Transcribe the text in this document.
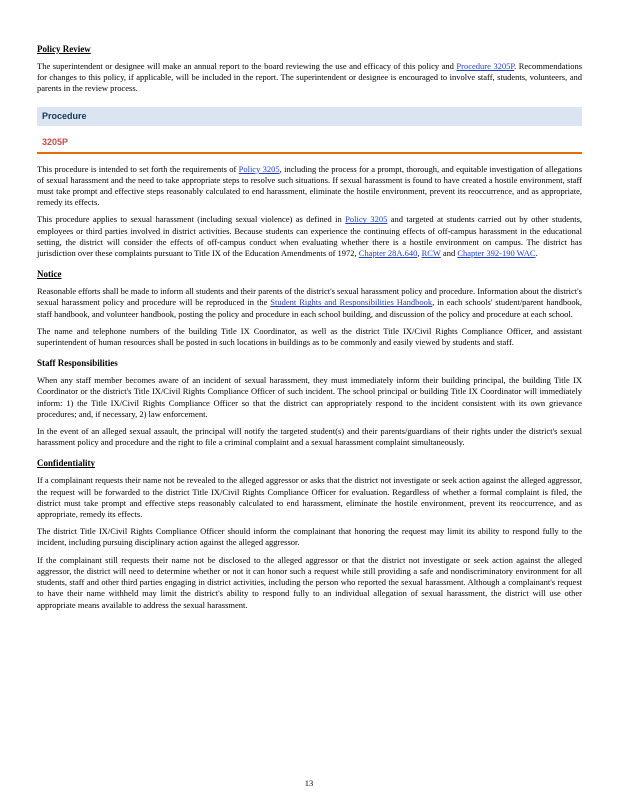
Policy Review

The superintendent or designee will make an annual report to the board reviewing the use and efficacy of this policy and Procedure 3205P. Recommendations for changes to this policy, if applicable, will be included in the report. The superintendent or designee is encouraged to involve staff, students, volunteers, and parents in the review process.

Procedure
3205P

This procedure is intended to set forth the requirements of Policy 3205, including the process for a prompt, thorough, and equitable investigation of allegations of sexual harassment and the need to take appropriate steps to resolve such situations. If sexual harassment is found to have created a hostile environment, staff must take prompt and effective steps reasonably calculated to end harassment, eliminate the hostile environment, prevent its reoccurrence, and as appropriate, remedy its effects.

This procedure applies to sexual harassment (including sexual violence) as defined in Policy 3205 and targeted at students carried out by other students, employees or third parties involved in district activities. Because students can experience the continuing effects of off-campus harassment in the educational setting, the district will consider the effects of off-campus conduct when evaluating whether there is a hostile environment on campus. The district has jurisdiction over these complaints pursuant to Title IX of the Education Amendments of 1972, Chapter 28A.640, RCW and Chapter 392-190 WAC.

Notice

Reasonable efforts shall be made to inform all students and their parents of the district's sexual harassment policy and procedure. Information about the district's sexual harassment policy and procedure will be reproduced in the Student Rights and Responsibilities Handbook, in each schools' student/parent handbook, staff handbook, and volunteer handbook, posting the policy and procedure in each school building, and discussion of the policy and procedure at each school.

The name and telephone numbers of the building Title IX Coordinator, as well as the district Title IX/Civil Rights Compliance Officer, and assistant superintendent of human resources shall be posted in such locations in buildings as to be commonly and easily viewed by students and staff.

Staff Responsibilities

When any staff member becomes aware of an incident of sexual harassment, they must immediately inform their building principal, the building Title IX Coordinator or the district's Title IX/Civil Rights Compliance Officer of such incident. The school principal or building Title IX Coordinator will immediately inform: 1) the Title IX/Civil Rights Compliance Officer so that the district can appropriately respond to the incident consistent with its own grievance procedures; and, if necessary, 2) law enforcement.

In the event of an alleged sexual assault, the principal will notify the targeted student(s) and their parents/guardians of their rights under the district's sexual harassment policy and procedure and the right to file a criminal complaint and a sexual harassment complaint simultaneously.

Confidentiality

If a complainant requests their name not be revealed to the alleged aggressor or asks that the district not investigate or seek action against the alleged aggressor, the request will be forwarded to the district Title IX/Civil Rights Compliance Officer for evaluation. Regardless of whether a formal complaint is filed, the district must take prompt and effective steps reasonably calculated to end harassment, eliminate the hostile environment, prevent its reoccurrence, and as appropriate, remedy its effects.

The district Title IX/Civil Rights Compliance Officer should inform the complainant that honoring the request may limit its ability to respond fully to the incident, including pursuing disciplinary action against the alleged aggressor.

If the complainant still requests their name not be disclosed to the alleged aggressor or that the district not investigate or seek action against the alleged aggressor, the district will need to determine whether or not it can honor such a request while still providing a safe and nondiscriminatory environment for all students, staff and other third parties engaging in district activities, including the person who reported the sexual harassment. Although a complainant's request to have their name withheld may limit the district's ability to respond fully to an individual allegation of sexual harassment, the district will use other appropriate means available to address the sexual harassment.

13
